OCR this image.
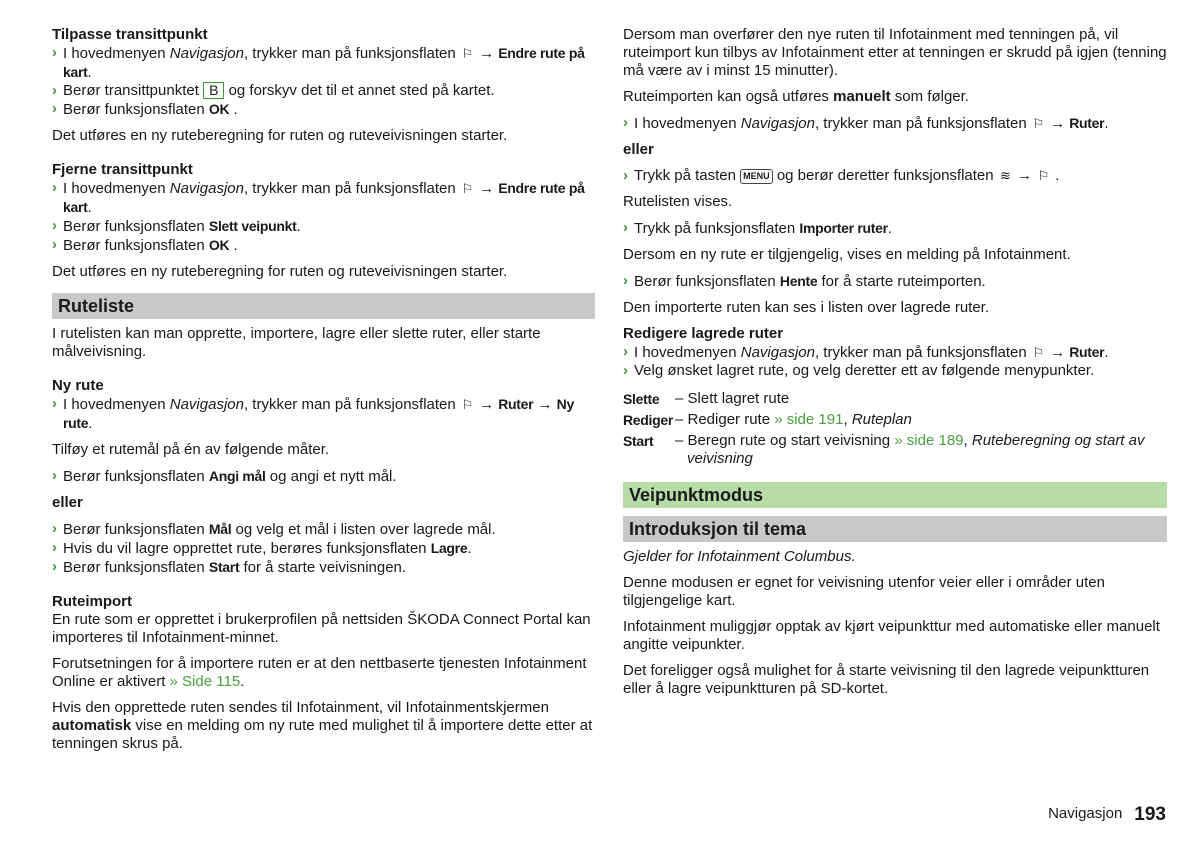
Tilpasse transittpunkt

› I hovedmenyen Navigasjon, trykker man på funksjonsflaten ⚐ → Endre rute på kart.
› Berør transittpunktet B og forskyv det til et annet sted på kartet.
› Berør funksjonsflaten OK .

Det utføres en ny ruteberegning for ruten og ruteveivisningen starter.

Fjerne transittpunkt

› I hovedmenyen Navigasjon, trykker man på funksjonsflaten ⚐ → Endre rute på kart.
› Berør funksjonsflaten Slett veipunkt.
› Berør funksjonsflaten OK .

Det utføres en ny ruteberegning for ruten og ruteveivisningen starter.

Ruteliste

I rutelisten kan man opprette, importere, lagre eller slette ruter, eller starte målveivisning.

Ny rute

› I hovedmenyen Navigasjon, trykker man på funksjonsflaten ⚐ → Ruter → Ny rute.

Tilføy et rutemål på én av følgende måter.

› Berør funksjonsflaten Angi mål og angi et nytt mål.

eller

› Berør funksjonsflaten Mål og velg et mål i listen over lagrede mål.
› Hvis du vil lagre opprettet rute, berøres funksjonsflaten Lagre.
› Berør funksjonsflaten Start for å starte veivisningen.

Ruteimport

En rute som er opprettet i brukerprofilen på nettsiden ŠKODA Connect Portal kan importeres til Infotainment-minnet.

Forutsetningen for å importere ruten er at den nettbaserte tjenesten Infotainment Online er aktivert » Side 115.

Hvis den opprettede ruten sendes til Infotainment, vil Infotainmentskjermen automatisk vise en melding om ny rute med mulighet til å importere dette etter at tenningen skrus på.

Dersom man overfører den nye ruten til Infotainment med tenningen på, vil ruteimport kun tilbys av Infotainment etter at tenningen er skrudd på igjen (tenning må være av i minst 15 minutter).

Ruteimporten kan også utføres manuelt som følger.

› I hovedmenyen Navigasjon, trykker man på funksjonsflaten ⚐ → Ruter.

eller

› Trykk på tasten MENU og berør deretter funksjonsflaten ≋ → ⚐ .

Rutelisten vises.

› Trykk på funksjonsflaten Importer ruter.

Dersom en ny rute er tilgjengelig, vises en melding på Infotainment.

› Berør funksjonsflaten Hente for å starte ruteimporten.

Den importerte ruten kan ses i listen over lagrede ruter.

Redigere lagrede ruter

› I hovedmenyen Navigasjon, trykker man på funksjonsflaten ⚐ → Ruter.
› Velg ønsket lagret rute, og velg deretter ett av følgende menypunkter.
Slette	– Slett lagret rute
Rediger – Rediger rute » side 191, Ruteplan
Start	– Beregn rute og start veivisning » side 189, Ruteberegning og start av veivisning
Veipunktmodus
Introduksjon til tema

Gjelder for Infotainment Columbus.

Denne modusen er egnet for veivisning utenfor veier eller i områder uten tilgjengelige kart.

Infotainment muliggjør opptak av kjørt veipunkttur med automatiske eller manuelt angitte veipunkter.

Det foreligger også mulighet for å starte veivisning til den lagrede veipunktturen eller å lagre veipunktturen på SD-kortet.

Navigasjon 193
